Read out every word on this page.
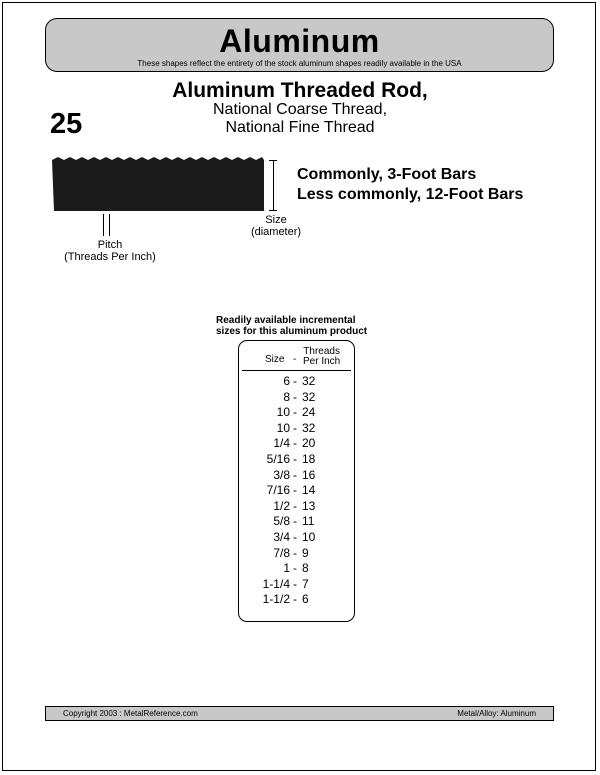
Aluminum
These shapes reflect the entirety of the stock aluminum shapes readily available in the USA
25
Aluminum Threaded Rod,
National Coarse Thread,
National Fine Thread
Size
(diameter)
Pitch
(Threads Per Inch)
Commonly, 3-Foot Bars
Less commonly, 12-Foot Bars
Readily available incremental
sizes for this aluminum product
Size -
Threads
Per Inch
6 - 32
8 - 32
10 - 24
10 - 32
1/4 - 20
5/16 - 18
3/8 - 16
7/16 - 14
1/2 - 13
5/8 - 11
3/4 - 10
7/8 - 9
1 - 8
1-1/4 - 7
1-1/2 - 6
Copyright 2003 : MetalReference.com	Metal/Alloy: Aluminum
